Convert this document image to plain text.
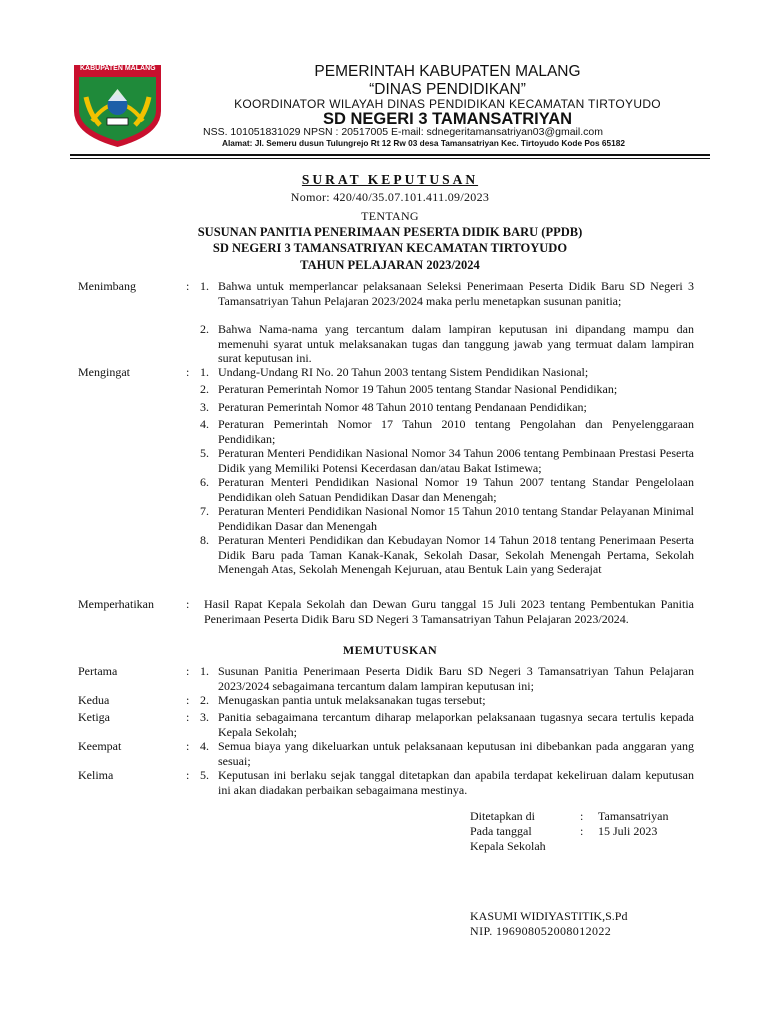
KABUPATEN MALANG	PEMERINTAH KABUPATEN MALANG
“DINAS PENDIDIKAN”
KOORDINATOR WILAYAH DINAS PENDIDIKAN KECAMATAN TIRTOYUDO
SD NEGERI 3 TAMANSATRIYAN
NSS. 101051831029 NPSN : 20517005 E-mail: sdnegeritamansatriyan03@gmail.com
Alamat: Jl. Semeru dusun Tulungrejo Rt 12 Rw 03 desa Tamansatriyan Kec. Tirtoyudo Kode Pos 65182
SURAT KEPUTUSAN
Nomor: 420/40/35.07.101.411.09/2023
TENTANG
SUSUNAN PANITIA PENERIMAAN PESERTA DIDIK BARU (PPDB)
SD NEGERI 3 TAMANSATRIYAN KECAMATAN TIRTOYUDO
TAHUN PELAJARAN 2023/2024
Menimbang	: 1. Bahwa untuk memperlancar pelaksanaan Seleksi Penerimaan Peserta Didik Baru SD Negeri 3 Tamansatriyan Tahun Pelajaran 2023/2024 maka perlu menetapkan susunan panitia;
2. Bahwa Nama-nama yang tercantum dalam lampiran keputusan ini dipandang mampu dan memenuhi syarat untuk melaksanakan tugas dan tanggung jawab yang termuat dalam lampiran surat keputusan ini.
Mengingat	: 1. Undang-Undang RI No. 20 Tahun 2003 tentang Sistem Pendidikan Nasional;
2. Peraturan Pemerintah Nomor 19 Tahun 2005 tentang Standar Nasional Pendidikan;
3. Peraturan Pemerintah Nomor 48 Tahun 2010 tentang Pendanaan Pendidikan;
4. Peraturan Pemerintah Nomor 17 Tahun 2010 tentang Pengolahan dan Penyelenggaraan Pendidikan;
5. Peraturan Menteri Pendidikan Nasional Nomor 34 Tahun 2006 tentang Pembinaan Prestasi Peserta Didik yang Memiliki Potensi Kecerdasan dan/atau Bakat Istimewa;
6. Peraturan Menteri Pendidikan Nasional Nomor 19 Tahun 2007 tentang Standar Pengelolaan Pendidikan oleh Satuan Pendidikan Dasar dan Menengah;
7. Peraturan Menteri Pendidikan Nasional Nomor 15 Tahun 2010 tentang Standar Pelayanan Minimal Pendidikan Dasar dan Menengah
8. Peraturan Menteri Pendidikan dan Kebudayan Nomor 14 Tahun 2018 tentang Penerimaan Peserta Didik Baru pada Taman Kanak-Kanak, Sekolah Dasar, Sekolah Menengah Pertama, Sekolah Menengah Atas, Sekolah Menengah Kejuruan, atau Bentuk Lain yang Sederajat
Memperhatikan	: Hasil Rapat Kepala Sekolah dan Dewan Guru tanggal 15 Juli 2023 tentang Pembentukan Panitia Penerimaan Peserta Didik Baru SD Negeri 3 Tamansatriyan Tahun Pelajaran 2023/2024.
MEMUTUSKAN
Pertama	: 1. Susunan Panitia Penerimaan Peserta Didik Baru SD Negeri 3 Tamansatriyan Tahun Pelajaran 2023/2024 sebagaimana tercantum dalam lampiran keputusan ini;
Kedua	: 2. Menugaskan pantia untuk melaksanakan tugas tersebut;
Ketiga	: 3. Panitia sebagaimana tercantum diharap melaporkan pelaksanaan tugasnya secara tertulis kepada Kepala Sekolah;
Keempat	: 4. Semua biaya yang dikeluarkan untuk pelaksanaan keputusan ini dibebankan pada anggaran yang sesuai;
Kelima	: 5. Keputusan ini berlaku sejak tanggal ditetapkan dan apabila terdapat kekeliruan dalam keputusan ini akan diadakan perbaikan sebagaimana mestinya.
Ditetapkan di	: Tamansatriyan
Pada tanggal	: 15 Juli 2023
Kepala Sekolah
KASUMI WIDIYASTITIK,S.Pd
NIP. 196908052008012022
